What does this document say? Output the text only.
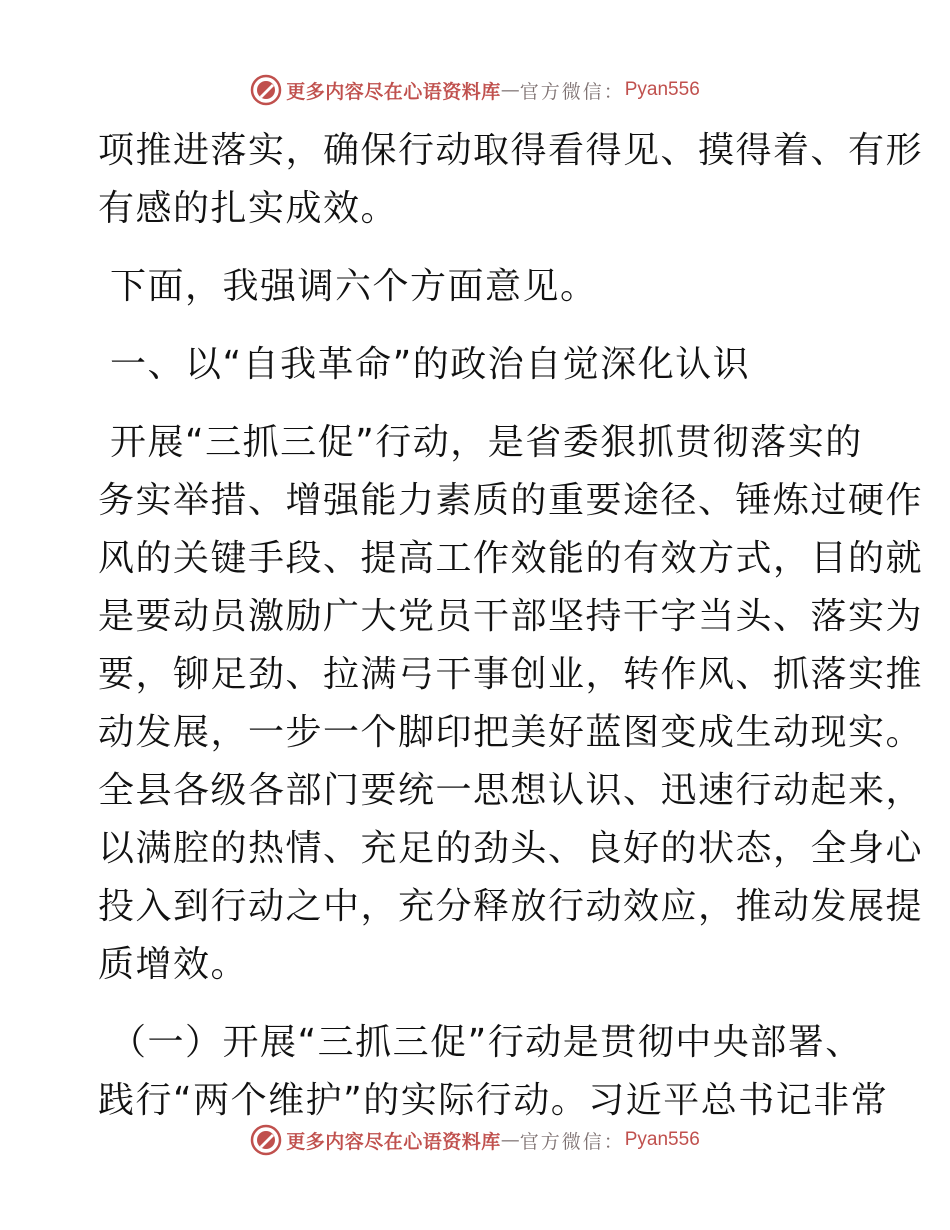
更多内容尽在心语资料库 — 官方微信： Pyan556
项推进落实，确保行动取得看得见、摸得着、有形
有感的扎实成效。
下面，我强调六个方面意见。
一、以“自我革命”的政治自觉深化认识
开展“三抓三促”行动，是省委狠抓贯彻落实的
务实举措、增强能力素质的重要途径、锤炼过硬作
风的关键手段、提高工作效能的有效方式，目的就
是要动员激励广大党员干部坚持干字当头、落实为
要，铆足劲、拉满弓干事创业，转作风、抓落实推
动发展，一步一个脚印把美好蓝图变成生动现实。
全县各级各部门要统一思想认识、迅速行动起来，
以满腔的热情、充足的劲头、良好的状态，全身心
投入到行动之中，充分释放行动效应，推动发展提
质增效。
（一）开展“三抓三促”行动是贯彻中央部署、
践行“两个维护”的实际行动。习近平总书记非常
更多内容尽在心语资料库 — 官方微信： Pyan556
